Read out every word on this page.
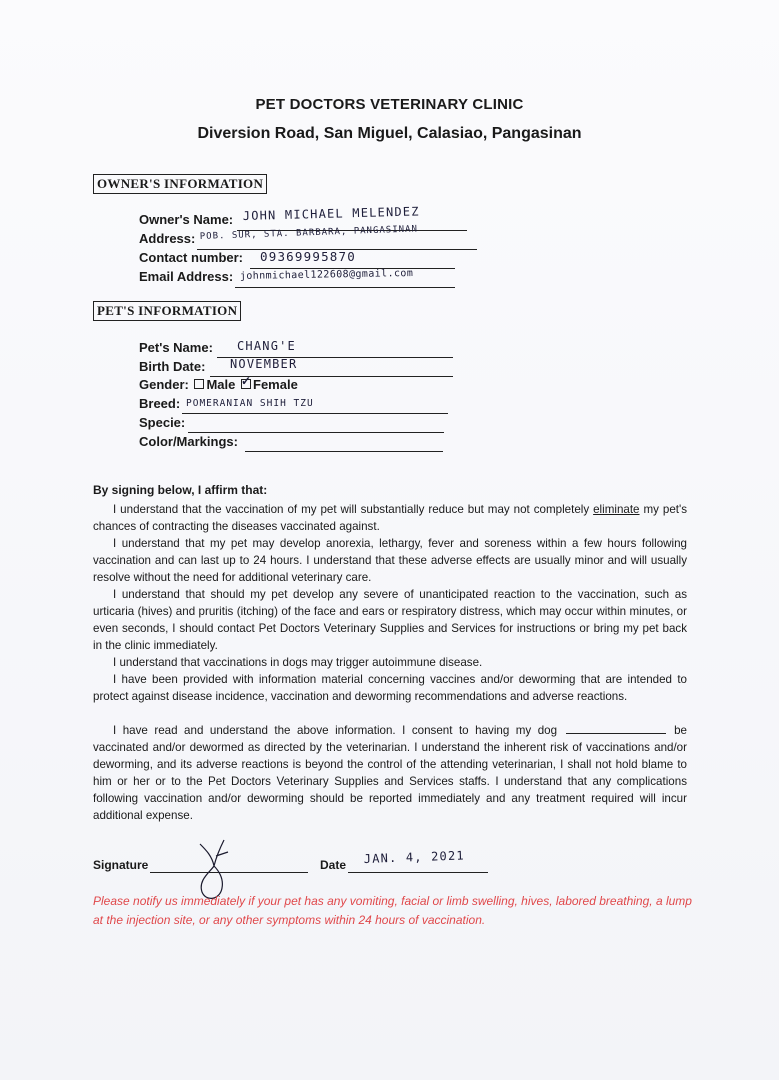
PET DOCTORS VETERINARY CLINIC
Diversion Road, San Miguel, Calasiao, Pangasinan
OWNER'S INFORMATION
Owner's Name: JOHN MICHAEL MELENDEZ
Address: POB. SUR, STA. BARBARA, PANGASINAN
Contact number: 09369995870
Email Address: johnmichael122608@gmail.com
PET'S INFORMATION
Pet's Name: CHANG'E
Birth Date: NOVEMBER
Gender: Male ✓ Female
Breed: POMERANIAN SHIH TZU
Specie:
Color/Markings:
By signing below, I affirm that:
I understand that the vaccination of my pet will substantially reduce but may not completely eliminate my pet's chances of contracting the diseases vaccinated against.
I understand that my pet may develop anorexia, lethargy, fever and soreness within a few hours following vaccination and can last up to 24 hours. I understand that these adverse effects are usually minor and will usually resolve without the need for additional veterinary care.
I understand that should my pet develop any severe of unanticipated reaction to the vaccination, such as urticaria (hives) and pruritis (itching) of the face and ears or respiratory distress, which may occur within minutes, or even seconds, I should contact Pet Doctors Veterinary Supplies and Services for instructions or bring my pet back in the clinic immediately.
I understand that vaccinations in dogs may trigger autoimmune disease.
I have been provided with information material concerning vaccines and/or deworming that are intended to protect against disease incidence, vaccination and deworming recommendations and adverse reactions.
I have read and understand the above information. I consent to having my dog	be vaccinated and/or dewormed as directed by the veterinarian. I understand the inherent risk of vaccinations and/or deworming, and its adverse reactions is beyond the control of the attending veterinarian, I shall not hold blame to him or her or to the Pet Doctors Veterinary Supplies and Services staffs. I understand that any complications following vaccination and/or deworming should be reported immediately and any treatment required will incur additional expense.
Signature	Date JAN. 4, 2021
Please notify us immediately if your pet has any vomiting, facial or limb swelling, hives, labored breathing, a lump at the injection site, or any other symptoms within 24 hours of vaccination.
